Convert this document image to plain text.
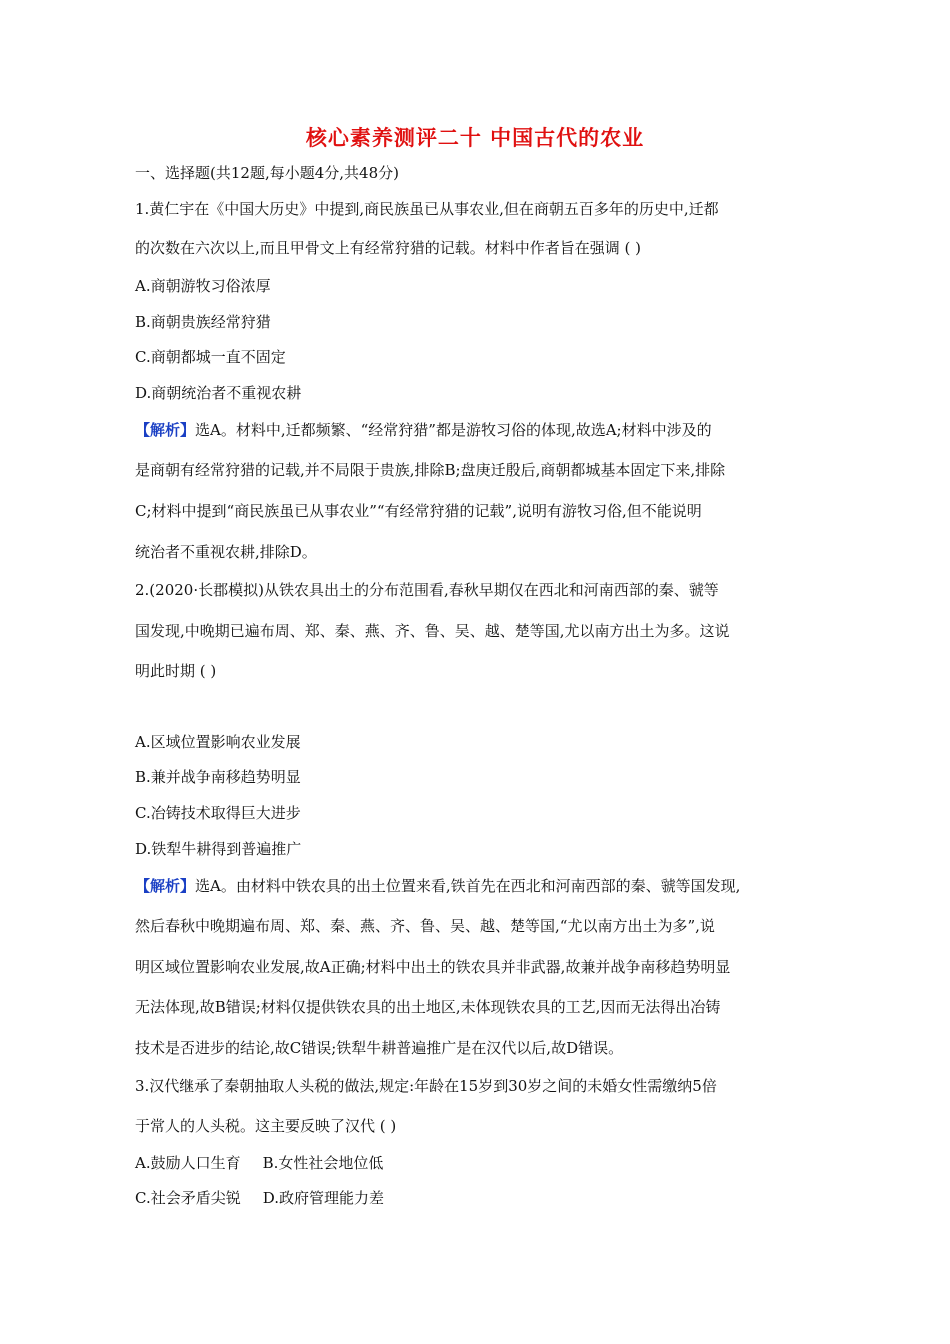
核心素养测评二十 中国古代的农业
一、选择题(共12题,每小题4分,共48分)
1.黄仁宇在《中国大历史》中提到,商民族虽已从事农业,但在商朝五百多年的历史中,迁都
的次数在六次以上,而且甲骨文上有经常狩猎的记载。材料中作者旨在强调 ( )
A.商朝游牧习俗浓厚
B.商朝贵族经常狩猎
C.商朝都城一直不固定
D.商朝统治者不重视农耕
【解析】选A。材料中,迁都频繁、“经常狩猎”都是游牧习俗的体现,故选A;材料中涉及的
是商朝有经常狩猎的记载,并不局限于贵族,排除B;盘庚迁殷后,商朝都城基本固定下来,排除
C;材料中提到“商民族虽已从事农业”“有经常狩猎的记载”,说明有游牧习俗,但不能说明
统治者不重视农耕,排除D。
2.(2020·长郡模拟)从铁农具出土的分布范围看,春秋早期仅在西北和河南西部的秦、虢等
国发现,中晚期已遍布周、郑、秦、燕、齐、鲁、吴、越、楚等国,尤以南方出土为多。这说
明此时期 ( )
A.区域位置影响农业发展
B.兼并战争南移趋势明显
C.冶铸技术取得巨大进步
D.铁犁牛耕得到普遍推广
【解析】选A。由材料中铁农具的出土位置来看,铁首先在西北和河南西部的秦、虢等国发现,
然后春秋中晚期遍布周、郑、秦、燕、齐、鲁、吴、越、楚等国,“尤以南方出土为多”,说
明区域位置影响农业发展,故A正确;材料中出土的铁农具并非武器,故兼并战争南移趋势明显
无法体现,故B错误;材料仅提供铁农具的出土地区,未体现铁农具的工艺,因而无法得出冶铸
技术是否进步的结论,故C错误;铁犁牛耕普遍推广是在汉代以后,故D错误。
3.汉代继承了秦朝抽取人头税的做法,规定:年龄在15岁到30岁之间的未婚女性需缴纳5倍
于常人的人头税。这主要反映了汉代 ( )
A.鼓励人口生育 B.女性社会地位低
C.社会矛盾尖锐 D.政府管理能力差
